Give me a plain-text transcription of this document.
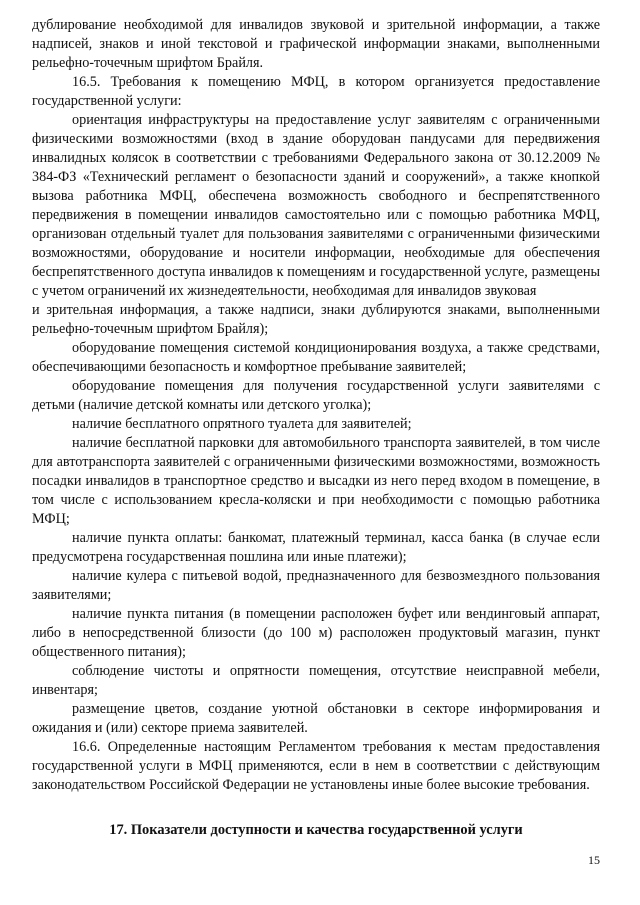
дублирование необходимой для инвалидов звуковой и зрительной информации, а также надписей, знаков и иной текстовой и графической информации знаками, выполненными рельефно-точечным шрифтом Брайля.

16.5. Требования к помещению МФЦ, в котором организуется предоставление государственной услуги:

ориентация инфраструктуры на предоставление услуг заявителям с ограниченными физическими возможностями (вход в здание оборудован пандусами для передвижения инвалидных колясок в соответствии с требованиями Федерального закона от 30.12.2009 № 384-ФЗ «Технический регламент о безопасности зданий и сооружений», а также кнопкой вызова работника МФЦ, обеспечена возможность свободного и беспрепятственного передвижения в помещении инвалидов самостоятельно или с помощью работника МФЦ, организован отдельный туалет для пользования заявителями с ограниченными физическими возможностями, оборудование и носители информации, необходимые для обеспечения беспрепятственного доступа инвалидов к помещениям и государственной услуге, размещены с учетом ограничений их жизнедеятельности, необходимая для инвалидов звуковая

и зрительная информация, а также надписи, знаки дублируются знаками, выполненными рельефно-точечным шрифтом Брайля);

оборудование помещения системой кондиционирования воздуха, а также средствами, обеспечивающими безопасность и комфортное пребывание заявителей;

оборудование помещения для получения государственной услуги заявителями с детьми (наличие детской комнаты или детского уголка);

наличие бесплатного опрятного туалета для заявителей;

наличие бесплатной парковки для автомобильного транспорта заявителей, в том числе для автотранспорта заявителей с ограниченными физическими возможностями, возможность посадки инвалидов в транспортное средство и высадки из него перед входом в помещение, в том числе с использованием кресла-коляски и при необходимости с помощью работника МФЦ;

наличие пункта оплаты: банкомат, платежный терминал, касса банка (в случае если предусмотрена государственная пошлина или иные платежи);

наличие кулера с питьевой водой, предназначенного для безвозмездного пользования заявителями;

наличие пункта питания (в помещении расположен буфет или вендинговый аппарат, либо в непосредственной близости (до 100 м) расположен продуктовый магазин, пункт общественного питания);

соблюдение чистоты и опрятности помещения, отсутствие неисправной мебели, инвентаря;

размещение цветов, создание уютной обстановки в секторе информирования и ожидания и (или) секторе приема заявителей.

16.6. Определенные настоящим Регламентом требования к местам предоставления государственной услуги в МФЦ применяются, если в нем в соответствии с действующим законодательством Российской Федерации не установлены иные более высокие требования.

17. Показатели доступности и качества государственной услуги
15
